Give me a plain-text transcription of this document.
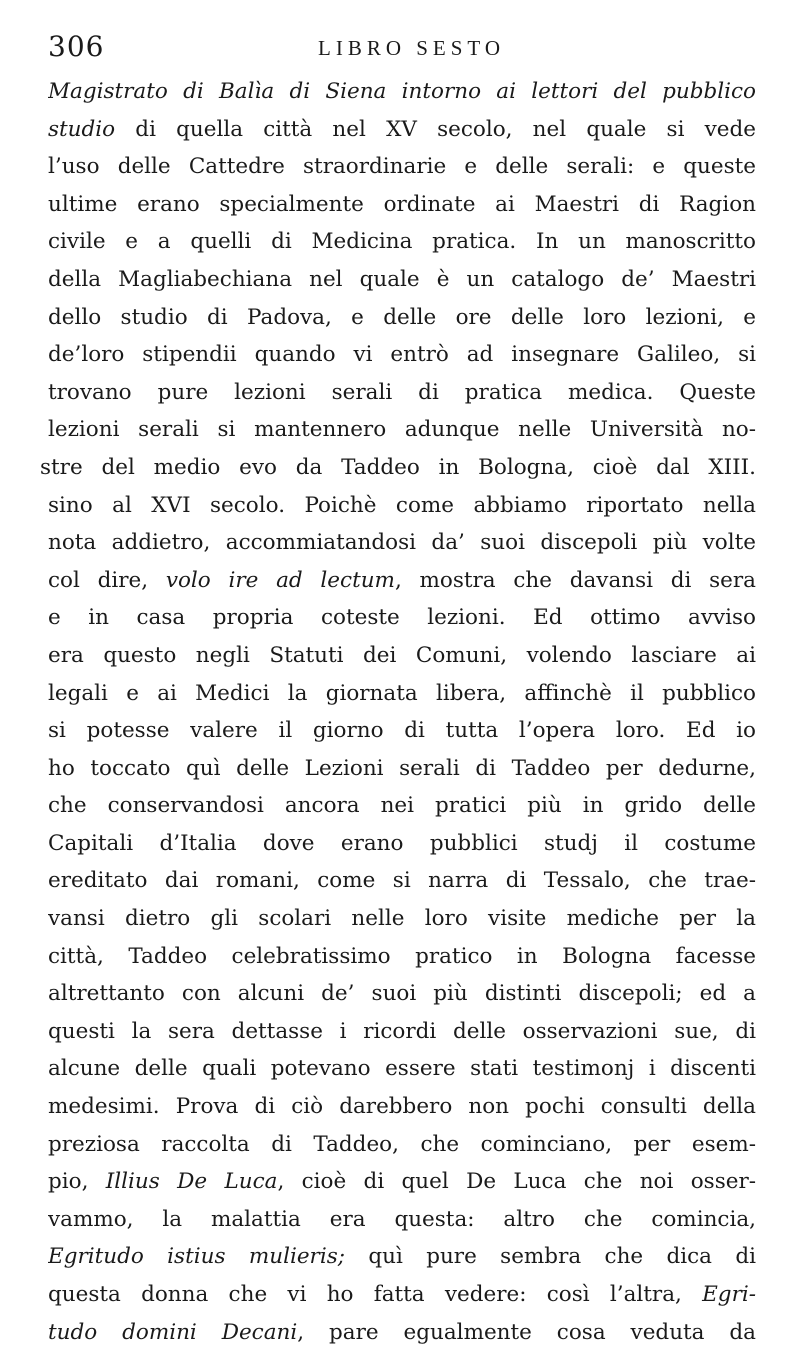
306	LIBRO SESTO
Magistrato di Balìa di Siena intorno ai lettori del pubblico
studio di quella città nel XV secolo, nel quale si vede
l’uso delle Cattedre straordinarie e delle serali: e queste
ultime erano specialmente ordinate ai Maestri di Ragion
civile e a quelli di Medicina pratica. In un manoscritto
della Magliabechiana nel quale è un catalogo de’ Maestri
dello studio di Padova, e delle ore delle loro lezioni, e
de’loro stipendii quando vi entrò ad insegnare Galileo, si
trovano pure lezioni serali di pratica medica. Queste
lezioni serali si mantennero adunque nelle Università no-
stre del medio evo da Taddeo in Bologna, cioè dal XIII.
sino al XVI secolo. Poichè come abbiamo riportato nella
nota addietro, accommiatandosi da’ suoi discepoli più volte
col dire, volo ire ad lectum, mostra che davansi di sera
e in casa propria coteste lezioni. Ed ottimo avviso
era questo negli Statuti dei Comuni, volendo lasciare ai
legali e ai Medici la giornata libera, affinchè il pubblico
si potesse valere il giorno di tutta l’opera loro. Ed io
ho toccato quì delle Lezioni serali di Taddeo per dedurne,
che conservandosi ancora nei pratici più in grido delle
Capitali d’Italia dove erano pubblici studj il costume
ereditato dai romani, come si narra di Tessalo, che trae-
vansi dietro gli scolari nelle loro visite mediche per la
città, Taddeo celebratissimo pratico in Bologna facesse
altrettanto con alcuni de’ suoi più distinti discepoli; ed a
questi la sera dettasse i ricordi delle osservazioni sue, di
alcune delle quali potevano essere stati testimonj i discenti
medesimi. Prova di ciò darebbero non pochi consulti della
preziosa raccolta di Taddeo, che cominciano, per esem-
pio, Illius De Luca, cioè di quel De Luca che noi osser-
vammo, la malattia era questa: altro che comincia,
Egritudo istius mulieris; quì pure sembra che dica di
questa donna che vi ho fatta vedere: così l’altra, Egri-
tudo domini Decani, pare egualmente cosa veduta da
